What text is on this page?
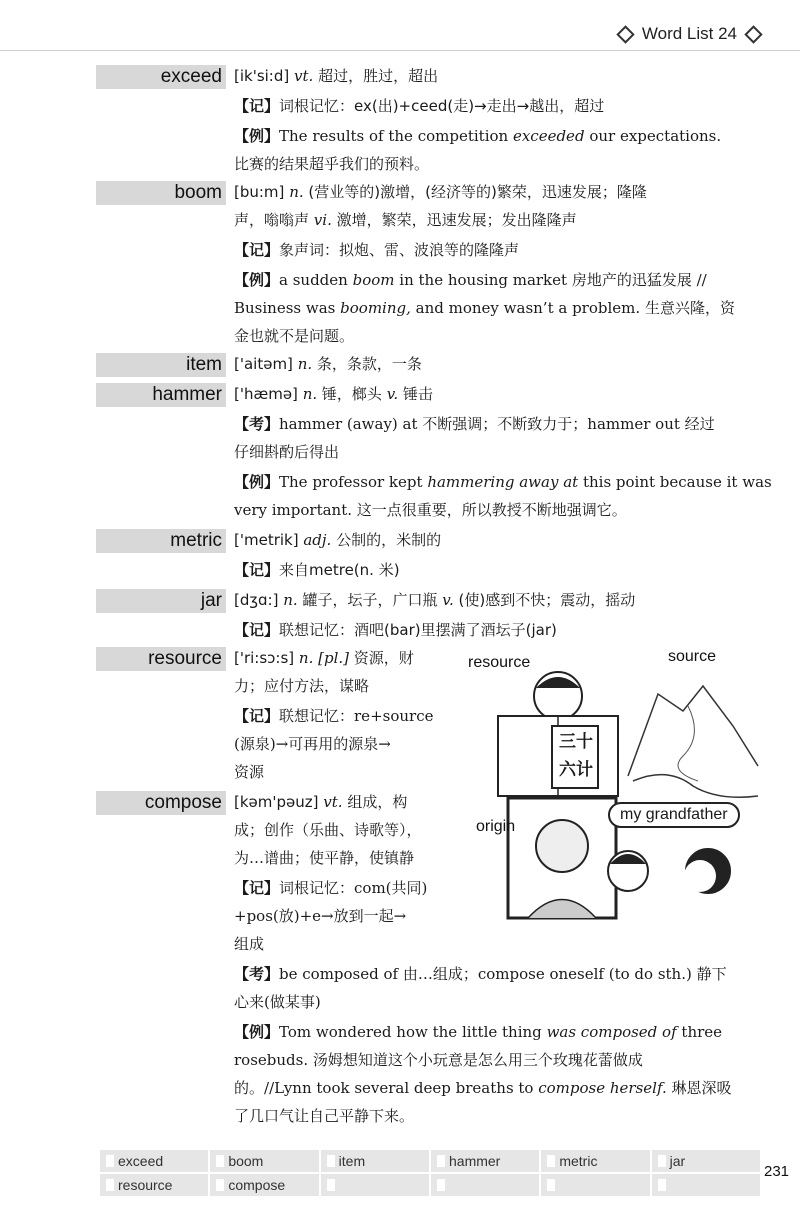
Word List 24
exceed [ik'si:d] vt. 超过，胜过，超出
【记】词根记忆：ex(出)+ceed(走)→走出→越出，超过
【例】The results of the competition exceeded our expectations.
比赛的结果超乎我们的预料。
boom [bu:m] n. (营业等的)激增，(经济等的)繁荣，迅速发展；隆隆
声，嗡嗡声 vi. 激增，繁荣，迅速发展；发出隆隆声
【记】象声词：拟炮、雷、波浪等的隆隆声
【例】a sudden boom in the housing market 房地产的迅猛发展 //
Business was booming, and money wasn’t a problem. 生意兴隆，资
金也就不是问题。
item ['aitəm] n. 条，条款，一条
hammer ['hæmə] n. 锤，榔头 v. 锤击
【考】hammer (away) at 不断强调；不断致力于；hammer out 经过
仔细斟酌后得出
【例】The professor kept hammering away at this point because it was
very important. 这一点很重要，所以教授不断地强调它。
metric ['metrik] adj. 公制的，米制的
【记】来自metre(n. 米)
jar [dʒɑ:] n. 罐子，坛子，广口瓶 v. (使)感到不快；震动，摇动
【记】联想记忆：酒吧(bar)里摆满了酒坛子(jar)
resource ['ri:sɔ:s] n. [pl.] 资源，财
力；应付方法，谋略
【记】联想记忆：re+source
(源泉)→可再用的源泉→
资源
compose [kəm'pəuz] vt. 组成，构
成；创作（乐曲、诗歌等），
为…谱曲；使平静，使镇静
【记】词根记忆：com(共同)
+pos(放)+e→放到一起→
组成
【考】be composed of 由…组成；compose oneself (to do sth.) 静下
心来(做某事)
【例】Tom wondered how the little thing was composed of three
rosebuds. 汤姆想知道这个小玩意是怎么用三个玫瑰花蕾做成
的。//Lynn took several deep breaths to compose herself. 琳恩深吸
了几口气让自己平静下来。
resource	source
origin
my grandfather
三十
六计
exceed	boom	item	hammer	metric	jar
resource	compose
231
